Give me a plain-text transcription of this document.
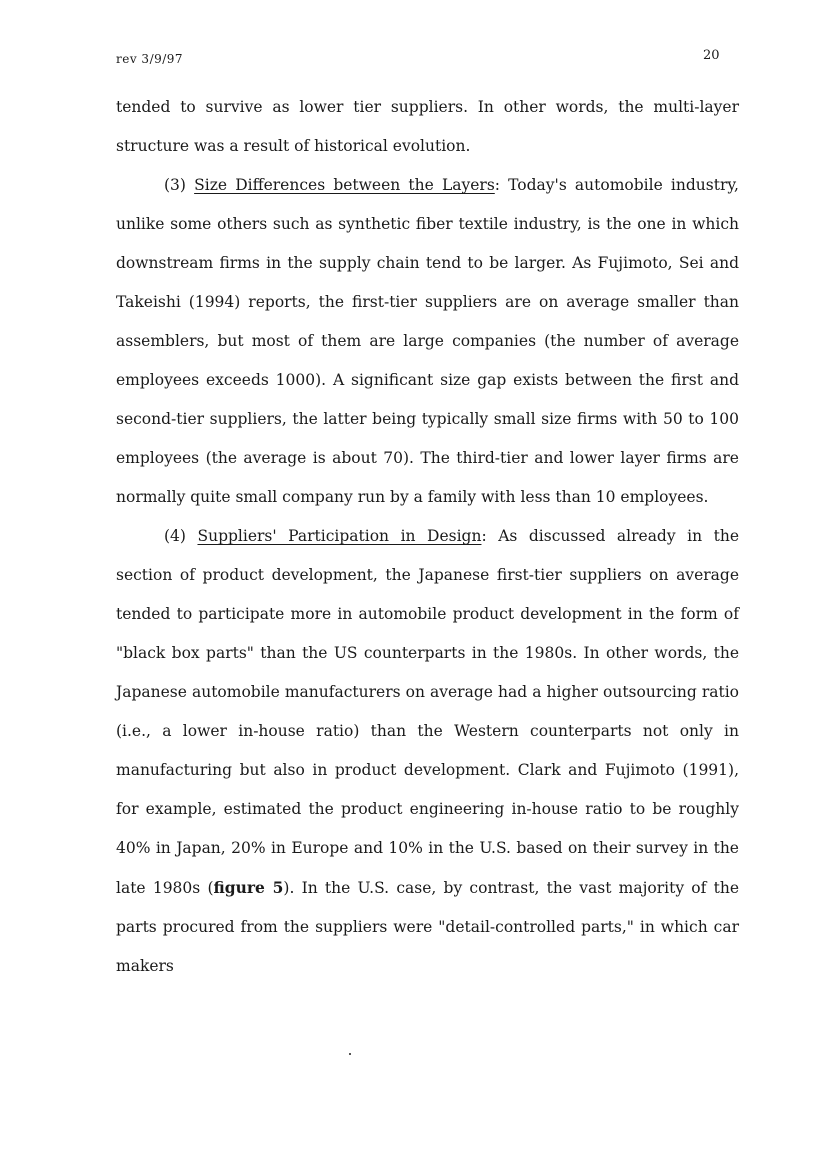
rev 3/9/97	20

tended to survive as lower tier suppliers. In other words, the multi-layer structure was a result of historical evolution.

(3) Size Differences between the Layers: Today's automobile industry, unlike some others such as synthetic fiber textile industry, is the one in which downstream firms in the supply chain tend to be larger. As Fujimoto, Sei and Takeishi (1994) reports, the first-tier suppliers are on average smaller than assemblers, but most of them are large companies (the number of average employees exceeds 1000). A significant size gap exists between the first and second-tier suppliers, the latter being typically small size firms with 50 to 100 employees (the average is about 70). The third-tier and lower layer firms are normally quite small company run by a family with less than 10 employees.

(4) Suppliers' Participation in Design: As discussed already in the section of product development, the Japanese first-tier suppliers on average tended to participate more in automobile product development in the form of "black box parts" than the US counterparts in the 1980s. In other words, the Japanese automobile manufacturers on average had a higher outsourcing ratio (i.e., a lower in-house ratio) than the Western counterparts not only in manufacturing but also in product development. Clark and Fujimoto (1991), for example, estimated the product engineering in-house ratio to be roughly 40% in Japan, 20% in Europe and 10% in the U.S. based on their survey in the late 1980s (figure 5). In the U.S. case, by contrast, the vast majority of the parts procured from the suppliers were "detail-controlled parts," in which car makers
